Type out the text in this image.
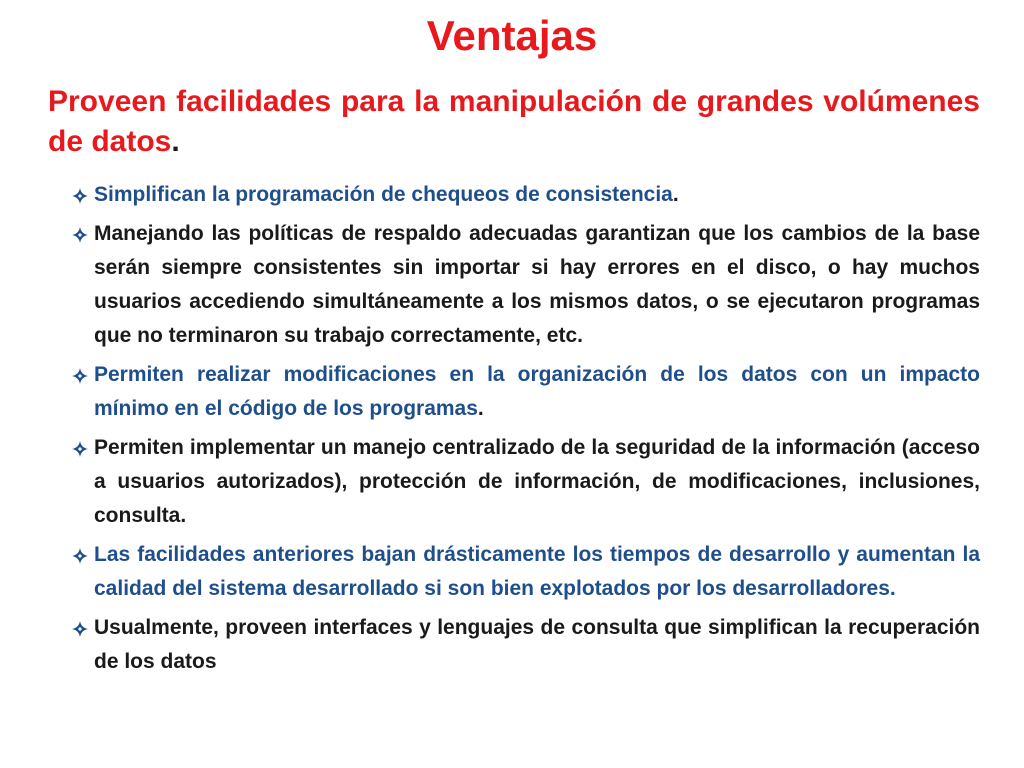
Ventajas
Proveen facilidades para la manipulación de grandes volúmenes de datos.
Simplifican la programación de chequeos de consistencia.
Manejando las políticas de respaldo adecuadas garantizan que los cambios de la base serán siempre consistentes sin importar si hay errores en el disco, o hay muchos usuarios accediendo simultáneamente a los mismos datos, o se ejecutaron programas que no terminaron su trabajo correctamente, etc.
Permiten realizar modificaciones en la organización de los datos con un impacto mínimo en el código de los programas.
Permiten implementar un manejo centralizado de la seguridad de la información (acceso a usuarios autorizados), protección de información, de modificaciones, inclusiones, consulta.
Las facilidades anteriores bajan drásticamente los tiempos de desarrollo y aumentan la calidad del sistema desarrollado si son bien explotados por los desarrolladores.
Usualmente, proveen interfaces y lenguajes de consulta que simplifican la recuperación de los datos
